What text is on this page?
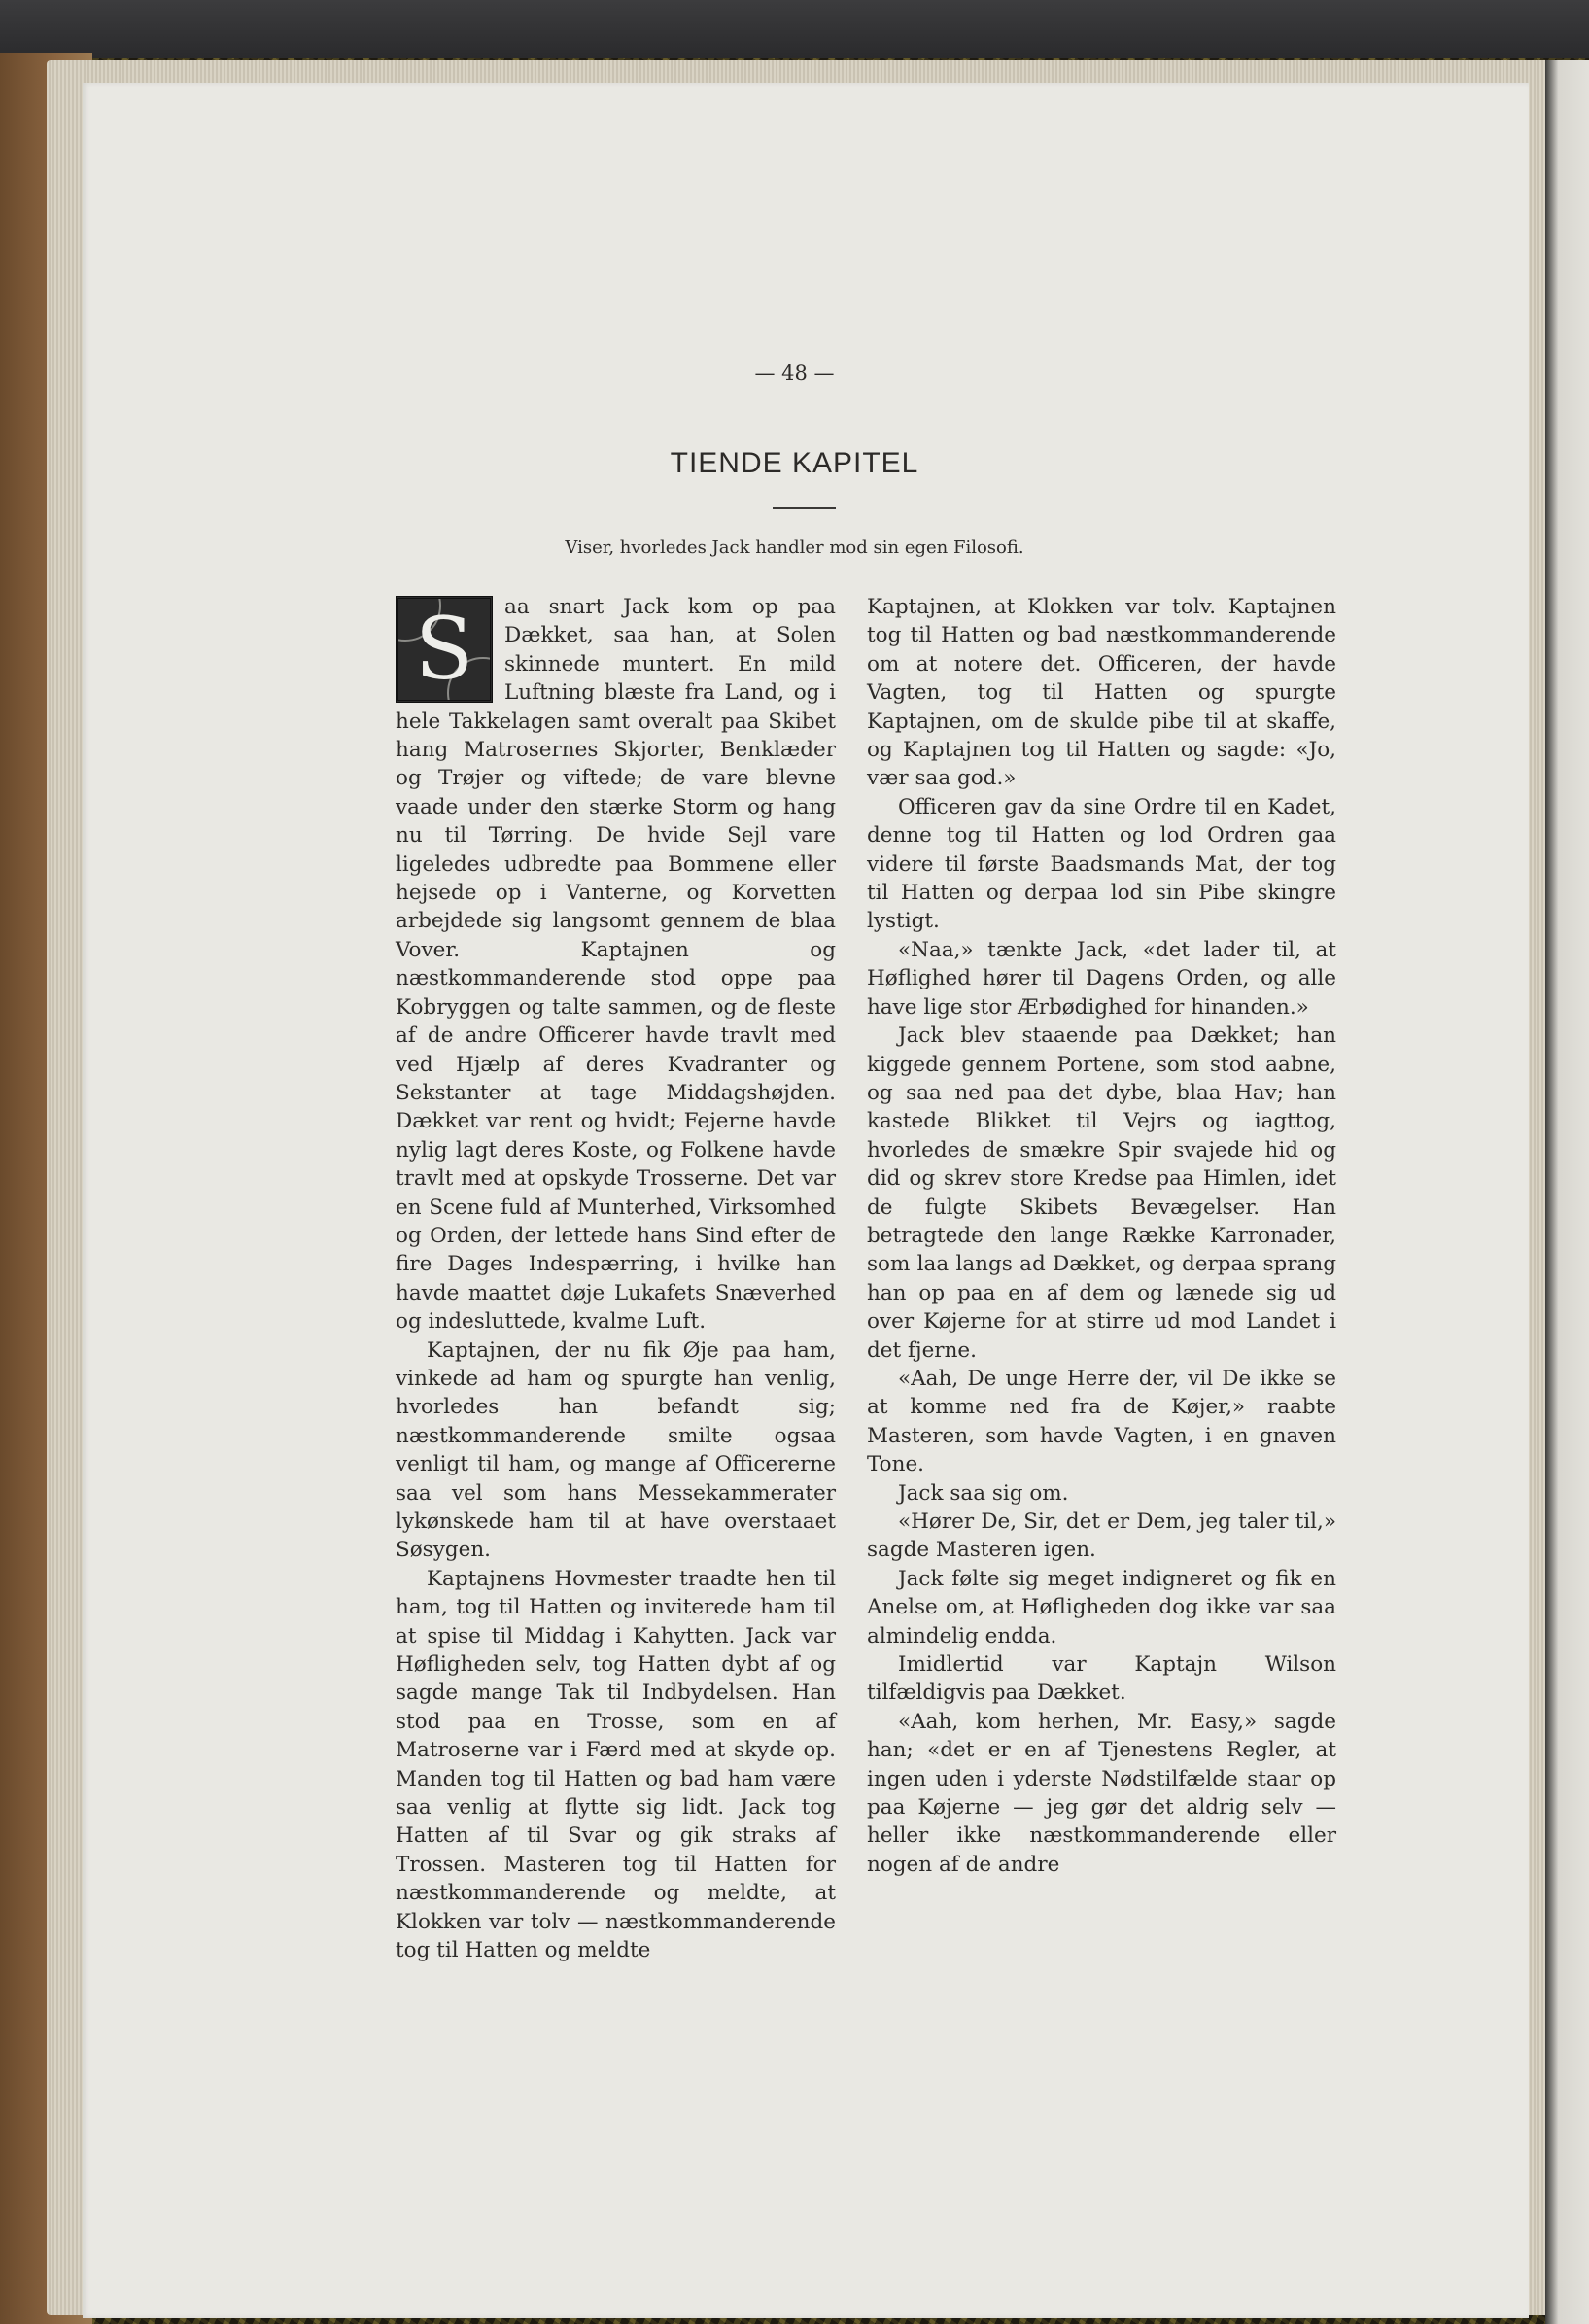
— 48 —
TIENDE KAPITEL
Viser, hvorledes Jack handler mod sin egen Filosofi.

S aa snart Jack kom op paa Dækket, saa han, at Solen skinnede muntert. En mild Luftning blæste fra Land, og i hele Takkelagen samt overalt paa Skibet hang Matrosernes Skjorter, Benklæder og Trøjer og viftede; de vare blevne vaade under den stærke Storm og hang nu til Tørring. De hvide Sejl vare ligeledes udbredte paa Bommene eller hejsede op i Vanterne, og Korvetten arbejdede sig langsomt gennem de blaa Vover. Kaptajnen og næstkommanderende stod oppe paa Kobryggen og talte sammen, og de fleste af de andre Officerer havde travlt med ved Hjælp af deres Kvadranter og Sekstanter at tage Middagshøjden. Dækket var rent og hvidt; Fejerne havde nylig lagt deres Koste, og Folkene havde travlt med at opskyde Trosserne. Det var en Scene fuld af Munterhed, Virksomhed og Orden, der lettede hans Sind efter de fire Dages Indespærring, i hvilke han havde maattet døje Lukafets Snæverhed og indesluttede, kvalme Luft.

Kaptajnen, der nu fik Øje paa ham, vinkede ad ham og spurgte han venlig, hvorledes han befandt sig; næstkommanderende smilte ogsaa venligt til ham, og mange af Officererne saa vel som hans Messekammerater lykønskede ham til at have overstaaet Søsygen.

Kaptajnens Hovmester traadte hen til ham, tog til Hatten og inviterede ham til at spise til Middag i Kahytten. Jack var Høfligheden selv, tog Hatten dybt af og sagde mange Tak til Indbydelsen. Han stod paa en Trosse, som en af Matroserne var i Færd med at skyde op. Manden tog til Hatten og bad ham være saa venlig at flytte sig lidt. Jack tog Hatten af til Svar og gik straks af Trossen. Masteren tog til Hatten for næstkommanderende og meldte, at Klokken var tolv — næstkommanderende tog til Hatten og meldte

Kaptajnen, at Klokken var tolv. Kaptajnen tog til Hatten og bad næstkommanderende om at notere det. Officeren, der havde Vagten, tog til Hatten og spurgte Kaptajnen, om de skulde pibe til at skaffe, og Kaptajnen tog til Hatten og sagde: «Jo, vær saa god.»

Officeren gav da sine Ordre til en Kadet, denne tog til Hatten og lod Ordren gaa videre til første Baadsmands Mat, der tog til Hatten og derpaa lod sin Pibe skingre lystigt.

«Naa,» tænkte Jack, «det lader til, at Høflighed hører til Dagens Orden, og alle have lige stor Ærbødighed for hinanden.»

Jack blev staaende paa Dækket; han kiggede gennem Portene, som stod aabne, og saa ned paa det dybe, blaa Hav; han kastede Blikket til Vejrs og iagttog, hvorledes de smækre Spir svajede hid og did og skrev store Kredse paa Himlen, idet de fulgte Skibets Bevægelser. Han betragtede den lange Række Karronader, som laa langs ad Dækket, og derpaa sprang han op paa en af dem og lænede sig ud over Køjerne for at stirre ud mod Landet i det fjerne.

«Aah, De unge Herre der, vil De ikke se at komme ned fra de Køjer,» raabte Masteren, som havde Vagten, i en gnaven Tone.

Jack saa sig om.

«Hører De, Sir, det er Dem, jeg taler til,» sagde Masteren igen.

Jack følte sig meget indigneret og fik en Anelse om, at Høfligheden dog ikke var saa almindelig endda.

Imidlertid var Kaptajn Wilson tilfældigvis paa Dækket.

«Aah, kom herhen, Mr. Easy,» sagde han; «det er en af Tjenestens Regler, at ingen uden i yderste Nødstilfælde staar op paa Køjerne — jeg gør det aldrig selv — heller ikke næstkommanderende eller nogen af de andre
